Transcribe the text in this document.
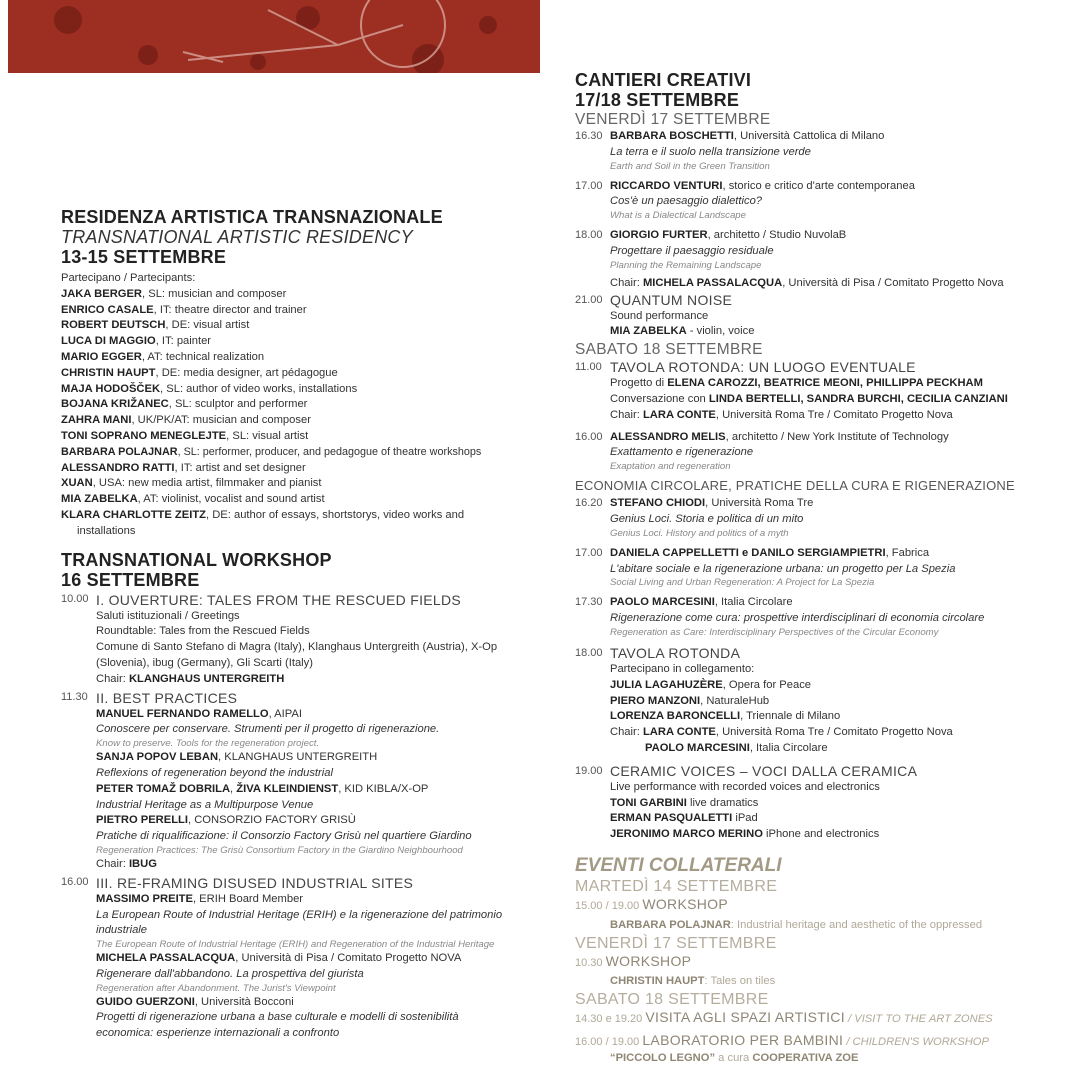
RESIDENZA ARTISTICA TRANSNAZIONALE
TRANSNATIONAL ARTISTIC RESIDENCY
13-15 SETTEMBRE
Partecipano / Partecipants:
JAKA BERGER, SL: musician and composer
ENRICO CASALE, IT: theatre director and trainer
ROBERT DEUTSCH, DE: visual artist
LUCA DI MAGGIO, IT: painter
MARIO EGGER, AT: technical realization
CHRISTIN HAUPT, DE: media designer, art pédagogue
MAJA HODOŠČEK, SL: author of video works, installations
BOJANA KRIŽANEC, SL: sculptor and performer
ZAHRA MANI, UK/PK/AT: musician and composer
TONI SOPRANO MENEGLEJTE, SL: visual artist
BARBARA POLAJNAR, SL: performer, producer, and pedagogue of theatre workshops
ALESSANDRO RATTI, IT: artist and set designer
XUAN, USA: new media artist, filmmaker and pianist
MIA ZABELKA, AT: violinist, vocalist and sound artist
KLARA CHARLOTTE ZEITZ, DE: author of essays, shortstorys, video works and installations
TRANSNATIONAL WORKSHOP
16 SETTEMBRE
10.00 I. OUVERTURE: TALES FROM THE RESCUED FIELDS
Saluti istituzionali / Greetings
Roundtable: Tales from the Rescued Fields
Comune di Santo Stefano di Magra (Italy), Klanghaus Untergreith (Austria), X-Op (Slovenia), ibug (Germany), Gli Scarti (Italy)
Chair: KLANGHAUS UNTERGREITH
11.30 II. BEST PRACTICES
MANUEL FERNANDO RAMELLO, AIPAI
Conoscere per conservare. Strumenti per il progetto di rigenerazione.
Know to preserve. Tools for the regeneration project.
SANJA POPOV LEBAN, KLANGHAUS UNTERGREITH
Reflexions of regeneration beyond the industrial
PETER TOMAŽ DOBRILA, ŽIVA KLEINDIENST, KID KIBLA/X-OP
Industrial Heritage as a Multipurpose Venue
PIETRO PERELLI, CONSORZIO FACTORY GRISÙ
Pratiche di riqualificazione: il Consorzio Factory Grisù nel quartiere Giardino
Regeneration Practices: The Grisù Consortium Factory in the Giardino Neighbourhood
Chair: IBUG
16.00 III. RE-FRAMING DISUSED INDUSTRIAL SITES
MASSIMO PREITE, ERIH Board Member
La European Route of Industrial Heritage (ERIH) e la rigenerazione del patrimonio industriale
The European Route of Industrial Heritage (ERIH) and Regeneration of the Industrial Heritage
MICHELA PASSALACQUA, Università di Pisa / Comitato Progetto NOVA
Rigenerare dall'abbandono. La prospettiva del giurista
Regeneration after Abandonment. The Jurist's Viewpoint
GUIDO GUERZONI, Università Bocconi
Progetti di rigenerazione urbana a base culturale e modelli di sostenibilità economica: esperienze internazionali a confronto
CANTIERI CREATIVI
17/18 SETTEMBRE
VENERDÌ 17 SETTEMBRE
16.30 BARBARA BOSCHETTI, Università Cattolica di Milano
La terra e il suolo nella transizione verde
Earth and Soil in the Green Transition
17.00 RICCARDO VENTURI, storico e critico d'arte contemporanea
Cos'è un paesaggio dialettico?
What is a Dialectical Landscape
18.00 GIORGIO FURTER, architetto / Studio NuvolaB
Progettare il paesaggio residuale
Planning the Remaining Landscape
Chair: MICHELA PASSALACQUA, Università di Pisa / Comitato Progetto Nova
21.00 QUANTUM NOISE
Sound performance
MIA ZABELKA - violin, voice
SABATO 18 SETTEMBRE
11.00 TAVOLA ROTONDA: UN LUOGO EVENTUALE
Progetto di ELENA CAROZZI, BEATRICE MEONI, PHILLIPPA PECKHAM
Conversazione con LINDA BERTELLI, SANDRA BURCHI, CECILIA CANZIANI
Chair: LARA CONTE, Università Roma Tre / Comitato Progetto Nova
16.00 ALESSANDRO MELIS, architetto / New York Institute of Technology
Exattamento e rigenerazione
Exaptation and regeneration
ECONOMIA CIRCOLARE, PRATICHE DELLA CURA E RIGENERAZIONE
16.20 STEFANO CHIODI, Università Roma Tre
Genius Loci. Storia e politica di un mito
Genius Loci. History and politics of a myth
17.00 DANIELA CAPPELLETTI e DANILO SERGIAMPIETRI, Fabrica
L'abitare sociale e la rigenerazione urbana: un progetto per La Spezia
Social Living and Urban Regeneration: A Project for La Spezia
17.30 PAOLO MARCESINI, Italia Circolare
Rigenerazione come cura: prospettive interdisciplinari di economia circolare
Regeneration as Care: Interdisciplinary Perspectives of the Circular Economy
18.00 TAVOLA ROTONDA
Partecipano in collegamento:
JULIA LAGAHUZÈRE, Opera for Peace
PIERO MANZONI, NaturaleHub
LORENZA BARONCELLI, Triennale di Milano
Chair: LARA CONTE, Università Roma Tre / Comitato Progetto Nova
PAOLO MARCESINI, Italia Circolare
19.00 CERAMIC VOICES – VOCI DALLA CERAMICA
Live performance with recorded voices and electronics
TONI GARBINI live dramatics
ERMAN PASQUALETTI iPad
JERONIMO MARCO MERINO iPhone and electronics
EVENTI COLLATERALI
MARTEDÌ 14 SETTEMBRE
15.00 / 19.00 WORKSHOP
BARBARA POLAJNAR: Industrial heritage and aesthetic of the oppressed
VENERDÌ 17 SETTEMBRE
10.30 WORKSHOP
CHRISTIN HAUPT: Tales on tiles
SABATO 18 SETTEMBRE
14.30 e 19.20 VISITA AGLI SPAZI ARTISTICI / VISIT TO THE ART ZONES
16.00 / 19.00 LABORATORIO PER BAMBINI / CHILDREN'S WORKSHOP
“PICCOLO LEGNO” a cura COOPERATIVA ZOE
